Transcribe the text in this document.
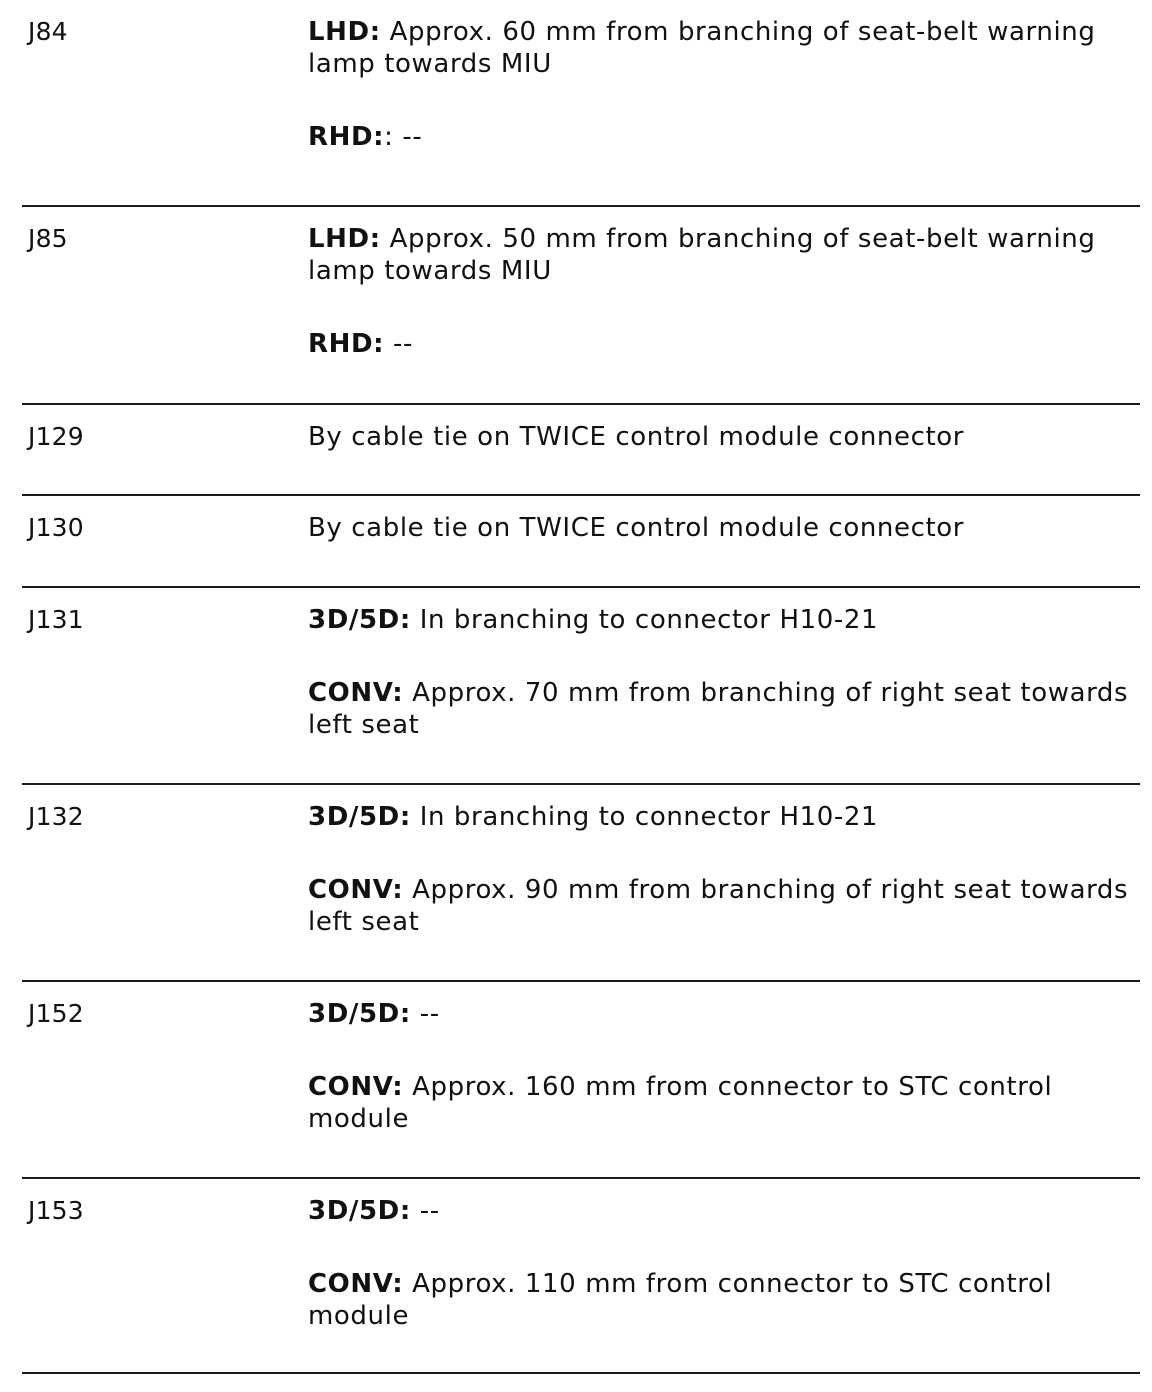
J84	LHD: Approx. 60 mm from branching of seat-belt warning lamp towards MIU

RHD:: --

J85	LHD: Approx. 50 mm from branching of seat-belt warning lamp towards MIU

RHD: --

J129	By cable tie on TWICE control module connector

J130	By cable tie on TWICE control module connector

J131	3D/5D: In branching to connector H10-21

CONV: Approx. 70 mm from branching of right seat towards left seat

J132	3D/5D: In branching to connector H10-21

CONV: Approx. 90 mm from branching of right seat towards left seat

J152	3D/5D: --

CONV: Approx. 160 mm from connector to STC control module

J153	3D/5D: --

CONV: Approx. 110 mm from connector to STC control module
